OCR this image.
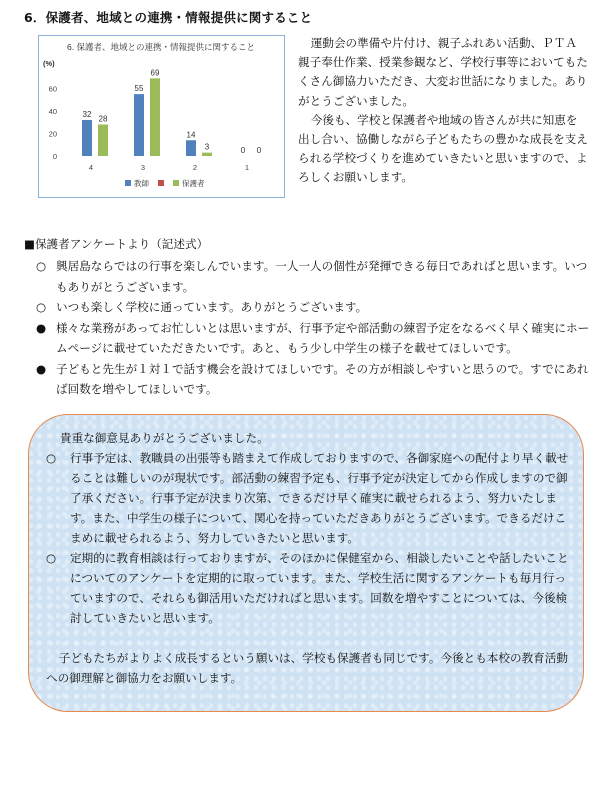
6．保護者、地域との連携・情報提供に関すること
6. 保護者、地域との連携・情報提供に関すること
(%)
0
20
40
60
32 28
55
69
14
3	0 0
4	3	2	1
教師	保護者

運動会の準備や片付け、親子ふれあい活動、ＰＴＡ親子奉仕作業、授業参観など、学校行事等においてもたくさん御協力いただき、大変お世話になりました。ありがとうございました。

今後も、学校と保護者や地域の皆さんが共に知恵を出し合い、協働しながら子どもたちの豊かな成長を支えられる学校づくりを進めていきたいと思いますので、よろしくお願いします。

■保護者アンケートより（記述式）
○ 興居島ならではの行事を楽しんでいます。一人一人の個性が発揮できる毎日であればと思います。いつもありがとうございます。
○ いつも楽しく学校に通っています。ありがとうございます。
● 様々な業務があってお忙しいとは思いますが、行事予定や部活動の練習予定をなるべく早く確実にホームページに載せていただきたいです。あと、もう少し中学生の様子を載せてほしいです。
● 子どもと先生が１対１で話す機会を設けてほしいです。その方が相談しやすいと思うので。すでにあれば回数を増やしてほしいです。

貴重な御意見ありがとうございました。

○	行事予定は、教職員の出張等も踏まえて作成しておりますので、各御家庭への配付より早く載せることは難しいのが現状です。部活動の練習予定も、行事予定が決定してから作成しますので御了承ください。行事予定が決まり次第、できるだけ早く確実に載せられるよう、努力いたします。また、中学生の様子について、関心を持っていただきありがとうございます。できるだけこまめに載せられるよう、努力していきたいと思います。
○	定期的に教育相談は行っておりますが、そのほかに保健室から、相談したいことや話したいことについてのアンケートを定期的に取っています。また、学校生活に関するアンケートも毎月行っていますので、それらも御活用いただければと思います。回数を増やすことについては、今後検討していきたいと思います。

子どもたちがよりよく成長するという願いは、学校も保護者も同じです。今後とも本校の教育活動への御理解と御協力をお願いします。
